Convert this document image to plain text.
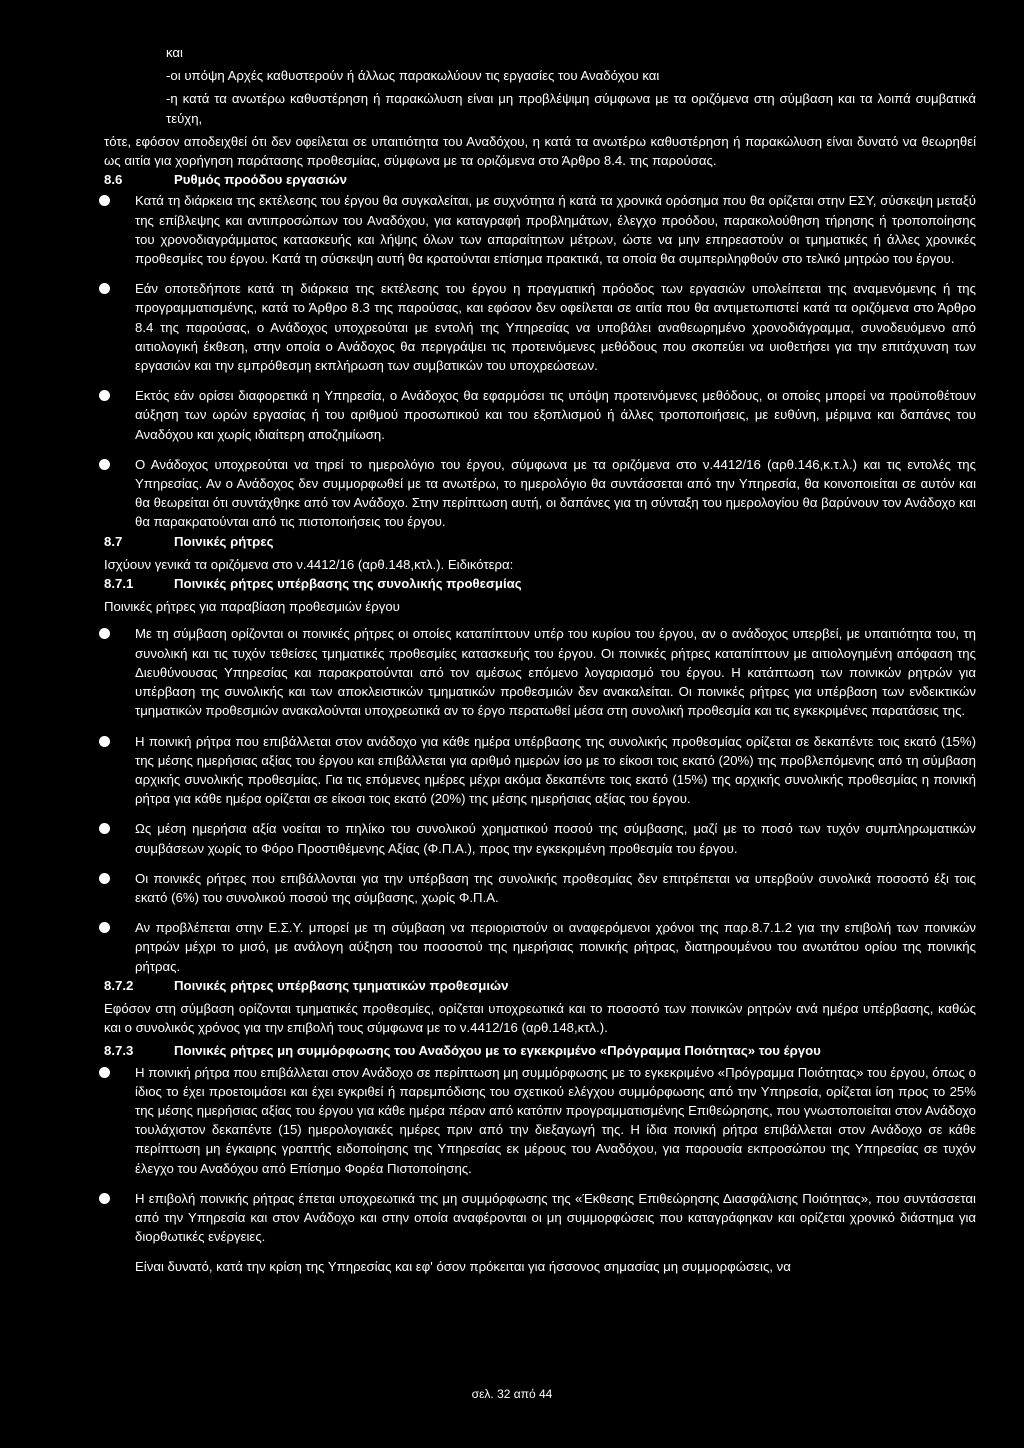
και

-οι υπόψη Αρχές καθυστερούν ή άλλως παρακωλύουν τις εργασίες του Αναδόχου και

-η κατά τα ανωτέρω καθυστέρηση ή παρακώλυση είναι μη προβλέψιμη σύμφωνα με τα οριζόμενα στη σύμβαση και τα λοιπά συμβατικά τεύχη,

τότε, εφόσον αποδειχθεί ότι δεν οφείλεται σε υπαιτιότητα του Αναδόχου, η κατά τα ανωτέρω καθυστέρηση ή παρακώλυση είναι δυνατό να θεωρηθεί ως αιτία για χορήγηση παράτασης προθεσμίας, σύμφωνα με τα οριζόμενα στο Άρθρο 8.4. της παρούσας.

8.6	Ρυθμός προόδου εργασιών
Κατά τη διάρκεια της εκτέλεσης του έργου θα συγκαλείται, με συχνότητα ή κατά τα χρονικά ορόσημα που θα ορίζεται στην ΕΣΥ, σύσκεψη μεταξύ της επίβλεψης και αντιπροσώπων του Αναδόχου, για καταγραφή προβλημάτων, έλεγχο προόδου, παρακολούθηση τήρησης ή τροποποίησης του χρονοδιαγράμματος κατασκευής και λήψης όλων των απαραίτητων μέτρων, ώστε να μην επηρεαστούν οι τμηματικές ή άλλες χρονικές προθεσμίες του έργου. Κατά τη σύσκεψη αυτή θα κρατούνται επίσημα πρακτικά, τα οποία θα συμπεριληφθούν στο τελικό μητρώο του έργου.
Εάν οποτεδήποτε κατά τη διάρκεια της εκτέλεσης του έργου η πραγματική πρόοδος των εργασιών υπολείπεται της αναμενόμενης ή της προγραμματισμένης, κατά το Άρθρο 8.3 της παρούσας, και εφόσον δεν οφείλεται σε αιτία που θα αντιμετωπιστεί κατά τα οριζόμενα στο Άρθρο 8.4 της παρούσας, ο Ανάδοχος υποχρεούται με εντολή της Υπηρεσίας να υποβάλει αναθεωρημένο χρονοδιάγραμμα, συνοδευόμενο από αιτιολογική έκθεση, στην οποία ο Ανάδοχος θα περιγράψει τις προτεινόμενες μεθόδους που σκοπεύει να υιοθετήσει για την επιτάχυνση των εργασιών και την εμπρόθεσμη εκπλήρωση των συμβατικών του υποχρεώσεων.
Εκτός εάν ορίσει διαφορετικά η Υπηρεσία, ο Ανάδοχος θα εφαρμόσει τις υπόψη προτεινόμενες μεθόδους, οι οποίες μπορεί να προϋποθέτουν αύξηση των ωρών εργασίας ή του αριθμού προσωπικού και του εξοπλισμού ή άλλες τροποποιήσεις, με ευθύνη, μέριμνα και δαπάνες του Αναδόχου και χωρίς ιδιαίτερη αποζημίωση.
Ο Ανάδοχος υποχρεούται να τηρεί το ημερολόγιο του έργου, σύμφωνα με τα οριζόμενα στο ν.4412/16 (αρθ.146,κ.τ.λ.) και τις εντολές της Υπηρεσίας. Αν ο Ανάδοχος δεν συμμορφωθεί με τα ανωτέρω, το ημερολόγιο θα συντάσσεται από την Υπηρεσία, θα κοινοποιείται σε αυτόν και θα θεωρείται ότι συντάχθηκε από τον Ανάδοχο. Στην περίπτωση αυτή, οι δαπάνες για τη σύνταξη του ημερολογίου θα βαρύνουν τον Ανάδοχο και θα παρακρατούνται από τις πιστοποιήσεις του έργου.
8.7	Ποινικές ρήτρες

Ισχύουν γενικά τα οριζόμενα στο ν.4412/16 (αρθ.148,κτλ.). Ειδικότερα:

8.7.1	Ποινικές ρήτρες υπέρβασης της συνολικής προθεσμίας

Ποινικές ρήτρες για παραβίαση προθεσμιών έργου

Με τη σύμβαση ορίζονται οι ποινικές ρήτρες οι οποίες καταπίπτουν υπέρ του κυρίου του έργου, αν ο ανάδοχος υπερβεί, με υπαιτιότητα του, τη συνολική και τις τυχόν τεθείσες τμηματικές προθεσμίες κατασκευής του έργου. Οι ποινικές ρήτρες καταπίπτουν με αιτιολογημένη απόφαση της Διευθύνουσας Υπηρεσίας και παρακρατούνται από τον αμέσως επόμενο λογαριασμό του έργου. Η κατάπτωση των ποινικών ρητρών για υπέρβαση της συνολικής και των αποκλειστικών τμηματικών προθεσμιών δεν ανακαλείται. Οι ποινικές ρήτρες για υπέρβαση των ενδεικτικών τμηματικών προθεσμιών ανακαλούνται υποχρεωτικά αν το έργο περατωθεί μέσα στη συνολική προθεσμία και τις εγκεκριμένες παρατάσεις της.
Η ποινική ρήτρα που επιβάλλεται στον ανάδοχο για κάθε ημέρα υπέρβασης της συνολικής προθεσμίας ορίζεται σε δεκαπέντε τοις εκατό (15%) της μέσης ημερήσιας αξίας του έργου και επιβάλλεται για αριθμό ημερών ίσο με το είκοσι τοις εκατό (20%) της προβλεπόμενης από τη σύμβαση αρχικής συνολικής προθεσμίας. Για τις επόμενες ημέρες μέχρι ακόμα δεκαπέντε τοις εκατό (15%) της αρχικής συνολικής προθεσμίας η ποινική ρήτρα για κάθε ημέρα ορίζεται σε είκοσι τοις εκατό (20%) της μέσης ημερήσιας αξίας του έργου.
Ως μέση ημερήσια αξία νοείται το πηλίκο του συνολικού χρηματικού ποσού της σύμβασης, μαζί με το ποσό των τυχόν συμπληρωματικών συμβάσεων χωρίς το Φόρο Προστιθέμενης Αξίας (Φ.Π.Α.), προς την εγκεκριμένη προθεσμία του έργου.
Οι ποινικές ρήτρες που επιβάλλονται για την υπέρβαση της συνολικής προθεσμίας δεν επιτρέπεται να υπερβούν συνολικά ποσοστό έξι τοις εκατό (6%) του συνολικού ποσού της σύμβασης, χωρίς Φ.Π.Α.
Αν προβλέπεται στην Ε.Σ.Υ. μπορεί με τη σύμβαση να περιοριστούν οι αναφερόμενοι χρόνοι της παρ.8.7.1.2 για την επιβολή των ποινικών ρητρών μέχρι το μισό, με ανάλογη αύξηση του ποσοστού της ημερήσιας ποινικής ρήτρας, διατηρουμένου του ανωτάτου ορίου της ποινικής ρήτρας.
8.7.2	Ποινικές ρήτρες υπέρβασης τμηματικών προθεσμιών

Εφόσον στη σύμβαση ορίζονται τμηματικές προθεσμίες, ορίζεται υποχρεωτικά και το ποσοστό των ποινικών ρητρών ανά ημέρα υπέρβασης, καθώς και ο συνολικός χρόνος για την επιβολή τους σύμφωνα με το ν.4412/16 (αρθ.148,κτλ.).

8.7.3	Ποινικές ρήτρες μη συμμόρφωσης του Αναδόχου με το εγκεκριμένο «Πρόγραμμα Ποιότητας» του έργου
Η ποινική ρήτρα που επιβάλλεται στον Ανάδοχο σε περίπτωση μη συμμόρφωσης με το εγκεκριμένο «Πρόγραμμα Ποιότητας» του έργου, όπως ο ίδιος το έχει προετοιμάσει και έχει εγκριθεί ή παρεμπόδισης του σχετικού ελέγχου συμμόρφωσης από την Υπηρεσία, ορίζεται ίση προς το 25% της μέσης ημερήσιας αξίας του έργου για κάθε ημέρα πέραν από κατόπιν προγραμματισμένης Επιθεώρησης, που γνωστοποιείται στον Ανάδοχο τουλάχιστον δεκαπέντε (15) ημερολογιακές ημέρες πριν από την διεξαγωγή της. Η ίδια ποινική ρήτρα επιβάλλεται στον Ανάδοχο σε κάθε περίπτωση μη έγκαιρης γραπτής ειδοποίησης της Υπηρεσίας εκ μέρους του Αναδόχου, για παρουσία εκπροσώπου της Υπηρεσίας σε τυχόν έλεγχο του Αναδόχου από Επίσημο Φορέα Πιστοποίησης.
Η επιβολή ποινικής ρήτρας έπεται υποχρεωτικά της μη συμμόρφωσης της «Έκθεσης Επιθεώρησης Διασφάλισης Ποιότητας», που συντάσσεται από την Υπηρεσία και στον Ανάδοχο και στην οποία αναφέρονται οι μη συμμορφώσεις που καταγράφηκαν και ορίζεται χρονικό διάστημα για διορθωτικές ενέργειες.

Είναι δυνατό, κατά την κρίση της Υπηρεσίας και εφ' όσον πρόκειται για ήσσονος σημασίας μη συμμορφώσεις, να

σελ. 32 από 44
